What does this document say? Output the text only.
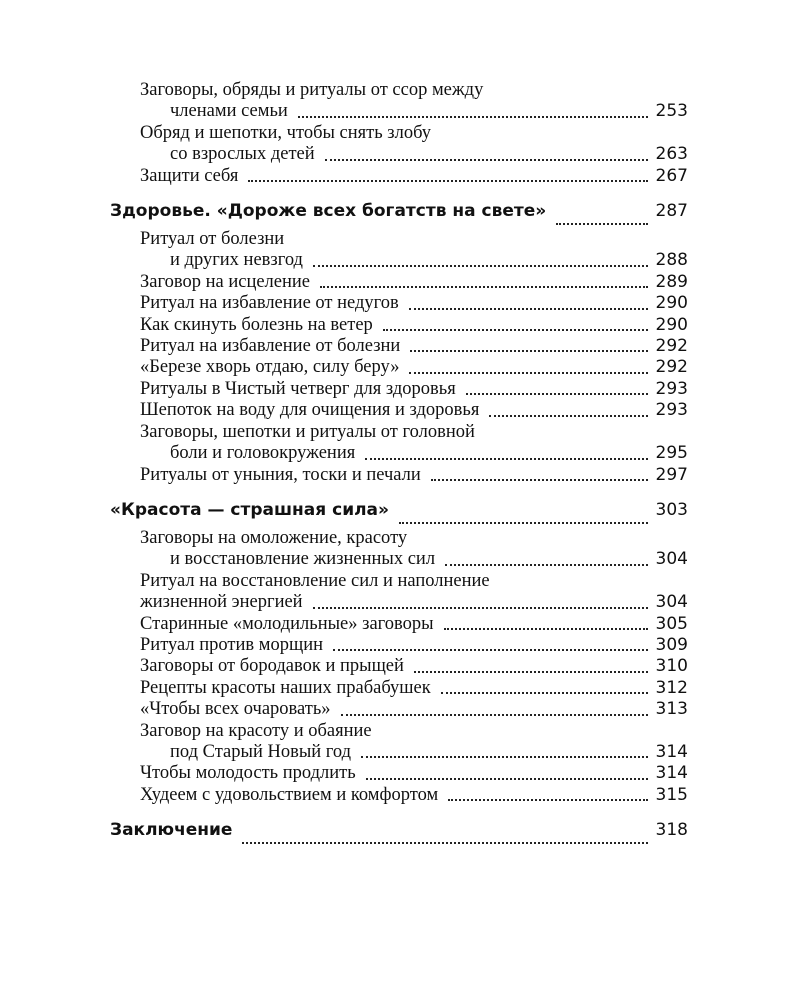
Заговоры, обряды и ритуалы от ссор между
членами семьи	253
Обряд и шепотки, чтобы снять злобу
со взрослых детей	263
Защити себя	267
Здоровье. «Дороже всех богатств на свете»	287
Ритуал от болезни
и других невзгод	288
Заговор на исцеление	289
Ритуал на избавление от недугов	290
Как скинуть болезнь на ветер	290
Ритуал на избавление от болезни	292
«Березе хворь отдаю, силу беру»	292
Ритуалы в Чистый четверг для здоровья	293
Шепоток на воду для очищения и здоровья	293
Заговоры, шепотки и ритуалы от головной
боли и головокружения	295
Ритуалы от уныния, тоски и печали	297
«Красота — страшная сила»	303
Заговоры на омоложение, красоту
и восстановление жизненных сил	304
Ритуал на восстановление сил и наполнение
жизненной энергией	304
Старинные «молодильные» заговоры	305
Ритуал против морщин	309
Заговоры от бородавок и прыщей	310
Рецепты красоты наших прабабушек	312
«Чтобы всех очаровать»	313
Заговор на красоту и обаяние
под Старый Новый год	314
Чтобы молодость продлить	314
Худеем с удовольствием и комфортом	315
Заключение	318
